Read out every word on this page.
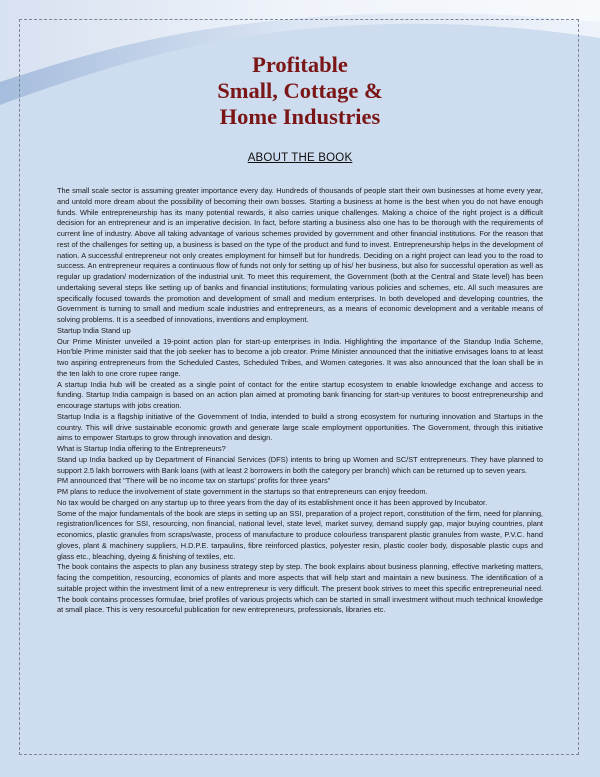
Profitable
Small, Cottage &
Home Industries
ABOUT THE BOOK

The small scale sector is assuming greater importance every day. Hundreds of thousands of people start their own businesses at home every year, and untold more dream about the possibility of becoming their own bosses. Starting a business at home is the best when you do not have enough funds. While entrepreneurship has its many potential rewards, it also carries unique challenges. Making a choice of the right project is a difficult decision for an entrepreneur and is an imperative decision. In fact, before starting a business also one has to be thorough with the requirements of current line of industry. Above all taking advantage of various schemes provided by government and other financial institutions. For the reason that rest of the challenges for setting up, a business is based on the type of the product and fund to invest. Entrepreneurship helps in the development of nation. A successful entrepreneur not only creates employment for himself but for hundreds. Deciding on a right project can lead you to the road to success. An entrepreneur requires a continuous flow of funds not only for setting up of his/ her business, but also for successful operation as well as regular up gradation/ modernization of the industrial unit. To meet this requirement, the Government (both at the Central and State level) has been undertaking several steps like setting up of banks and financial institutions; formulating various policies and schemes, etc. All such measures are specifically focused towards the promotion and development of small and medium enterprises. In both developed and developing countries, the Government is turning to small and medium scale industries and entrepreneurs, as a means of economic development and a veritable means of solving problems. It is a seedbed of innovations, inventions and employment.

Startup India Stand up

Our Prime Minister unveiled a 19-point action plan for start-up enterprises in India. Highlighting the importance of the Standup India Scheme, Hon'ble Prime minister said that the job seeker has to become a job creator. Prime Minister announced that the initiative envisages loans to at least two aspiring entrepreneurs from the Scheduled Castes, Scheduled Tribes, and Women categories. It was also announced that the loan shall be in the ten lakh to one crore rupee range.

A startup India hub will be created as a single point of contact for the entire startup ecosystem to enable knowledge exchange and access to funding. Startup India campaign is based on an action plan aimed at promoting bank financing for start-up ventures to boost entrepreneurship and encourage startups with jobs creation.

Startup India is a flagship initiative of the Government of India, intended to build a strong ecosystem for nurturing innovation and Startups in the country. This will drive sustainable economic growth and generate large scale employment opportunities. The Government, through this initiative aims to empower Startups to grow through innovation and design.

What is Startup India offering to the Entrepreneurs?

Stand up India backed up by Department of Financial Services (DFS) intents to bring up Women and SC/ST entrepreneurs. They have planned to support 2.5 lakh borrowers with Bank loans (with at least 2 borrowers in both the category per branch) which can be returned up to seven years.

PM announced that "There will be no income tax on startups' profits for three years"

PM plans to reduce the involvement of state government in the startups so that entrepreneurs can enjoy freedom.

No tax would be charged on any startup up to three years from the day of its establishment once it has been approved by Incubator.

Some of the major fundamentals of the book are steps in setting up an SSI, preparation of a project report, constitution of the firm, need for planning, registration/licences for SSI, resourcing, non financial, national level, state level, market survey, demand supply gap, major buying countries, plant economics, plastic granules from scraps/waste, process of manufacture to produce colourless transparent plastic granules from waste, P.V.C. hand gloves, plant & machinery suppliers, H.D.P.E. tarpaulins, fibre reinforced plastics, polyester resin, plastic cooler body, disposable plastic cups and glass etc., bleaching, dyeing & finishing of textiles, etc.

The book contains the aspects to plan any business strategy step by step. The book explains about business planning, effective marketing matters, facing the competition, resourcing, economics of plants and more aspects that will help start and maintain a new business. The identification of a suitable project within the investment limit of a new entrepreneur is very difficult. The present book strives to meet this specific entrepreneurial need. The book contains processes formulae, brief profiles of various projects which can be started in small investment without much technical knowledge at small place. This is very resourceful publication for new entrepreneurs, professionals, libraries etc.
